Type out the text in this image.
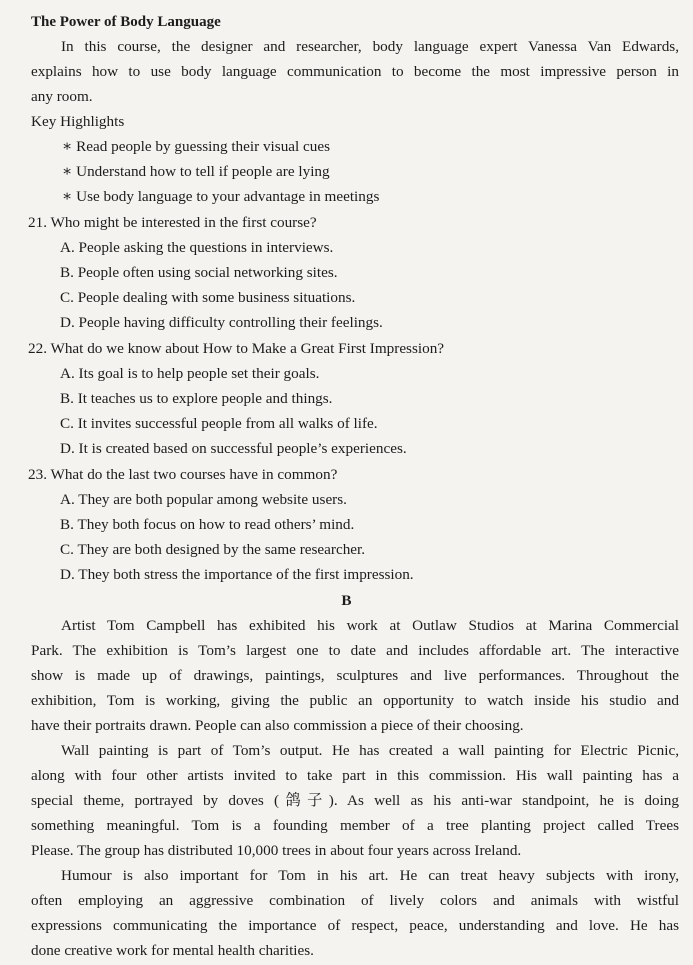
The Power of Body Language
In this course, the designer and researcher, body language expert Vanessa Van Edwards,
explains how to use body language communication to become the most impressive person in
any room.
Key Highlights
∗ Read people by guessing their visual cues
∗ Understand how to tell if people are lying
∗ Use body language to your advantage in meetings
21. Who might be interested in the first course?
A. People asking the questions in interviews.
B. People often using social networking sites.
C. People dealing with some business situations.
D. People having difficulty controlling their feelings.
22. What do we know about How to Make a Great First Impression?
A. Its goal is to help people set their goals.
B. It teaches us to explore people and things.
C. It invites successful people from all walks of life.
D. It is created based on successful people’s experiences.
23. What do the last two courses have in common?
A. They are both popular among website users.
B. They both focus on how to read others’ mind.
C. They are both designed by the same researcher.
D. They both stress the importance of the first impression.
B
Artist Tom Campbell has exhibited his work at Outlaw Studios at Marina Commercial
Park. The exhibition is Tom’s largest one to date and includes affordable art. The interactive
show is made up of drawings, paintings, sculptures and live performances. Throughout the
exhibition, Tom is working, giving the public an opportunity to watch inside his studio and
have their portraits drawn. People can also commission a piece of their choosing.
Wall painting is part of Tom’s output. He has created a wall painting for Electric Picnic,
along with four other artists invited to take part in this commission. His wall painting has a
special theme, portrayed by doves (鸽子). As well as his anti-war standpoint, he is doing
something meaningful. Tom is a founding member of a tree planting project called Trees
Please. The group has distributed 10,000 trees in about four years across Ireland.
Humour is also important for Tom in his art. He can treat heavy subjects with irony,
often employing an aggressive combination of lively colors and animals with wistful
expressions communicating the importance of respect, peace, understanding and love. He has
done creative work for mental health charities.
